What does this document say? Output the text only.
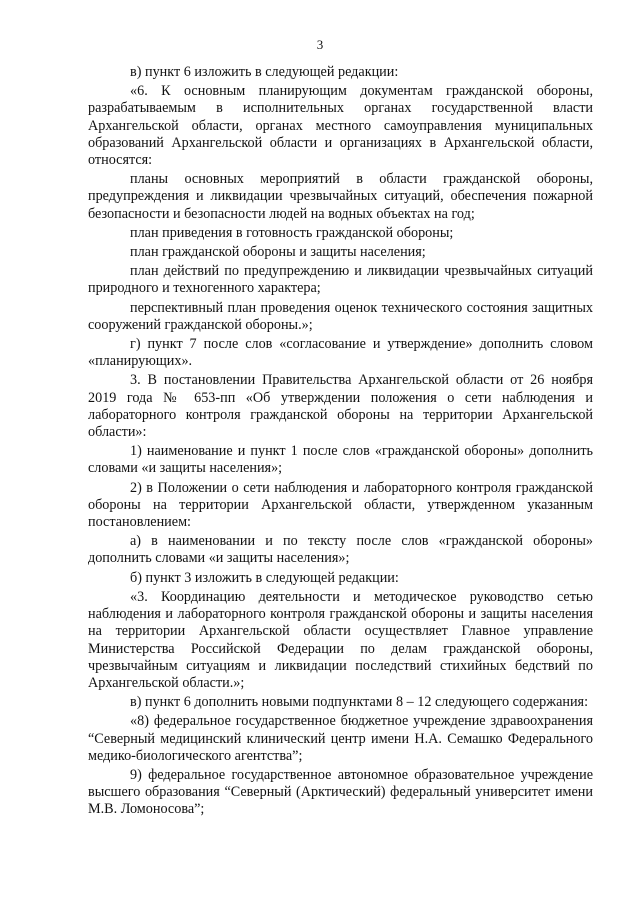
3

в) пункт 6 изложить в следующей редакции:

«6. К основным планирующим документам гражданской обороны, разрабатываемым в исполнительных органах государственной власти Архангельской области, органах местного самоуправления муниципальных образований Архангельской области и организациях в Архангельской области, относятся:

планы основных мероприятий в области гражданской обороны, предупреждения и ликвидации чрезвычайных ситуаций, обеспечения пожарной безопасности и безопасности людей на водных объектах на год;

план приведения в готовность гражданской обороны;

план гражданской обороны и защиты населения;

план действий по предупреждению и ликвидации чрезвычайных ситуаций природного и техногенного характера;

перспективный план проведения оценок технического состояния защитных сооружений гражданской обороны.»;

г) пункт 7 после слов «согласование и утверждение» дополнить словом «планирующих».

3. В постановлении Правительства Архангельской области от 26 ноября 2019 года № 653-пп «Об утверждении положения о сети наблюдения и лабораторного контроля гражданской обороны на территории Архангельской области»:

1) наименование и пункт 1 после слов «гражданской обороны» дополнить словами «и защиты населения»;

2) в Положении о сети наблюдения и лабораторного контроля гражданской обороны на территории Архангельской области, утвержденном указанным постановлением:

а) в наименовании и по тексту после слов «гражданской обороны» дополнить словами «и защиты населения»;

б) пункт 3 изложить в следующей редакции:

«3. Координацию деятельности и методическое руководство сетью наблюдения и лабораторного контроля гражданской обороны и защиты населения на территории Архангельской области осуществляет Главное управление Министерства Российской Федерации по делам гражданской обороны, чрезвычайным ситуациям и ликвидации последствий стихийных бедствий по Архангельской области.»;

в) пункт 6 дополнить новыми подпунктами 8 – 12 следующего содержания:

«8) федеральное государственное бюджетное учреждение здравоохранения “Северный медицинский клинический центр имени Н.А. Семашко Федерального медико-биологического агентства”;

9) федеральное государственное автономное образовательное учреждение высшего образования “Северный (Арктический) федеральный университет имени М.В. Ломоносова”;
